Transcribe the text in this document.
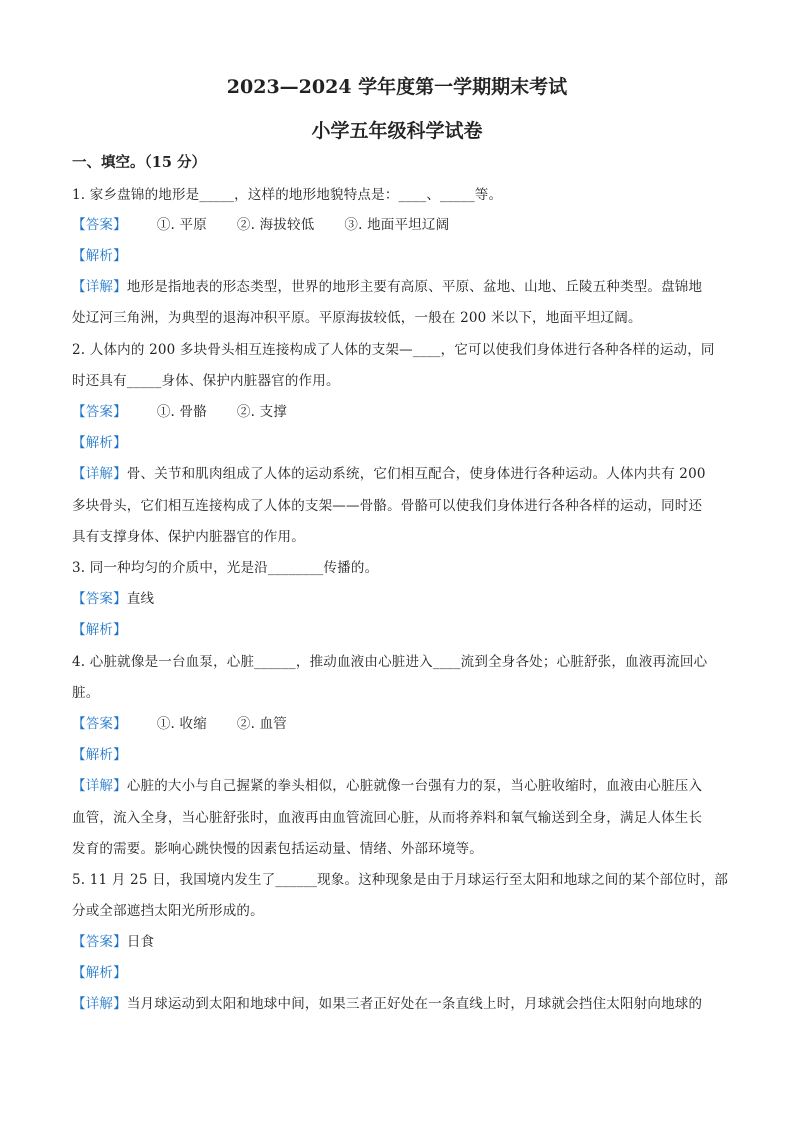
2023—2024 学年度第一学期期末考试
小学五年级科学试卷
一、填空。（15 分）
1. 家乡盘锦的地形是_____，这样的地形地貌特点是：____、_____等。
【答案】 ①. 平原 ②. 海拔较低 ③. 地面平坦辽阔
【解析】
【详解】地形是指地表的形态类型，世界的地形主要有高原、平原、盆地、山地、丘陵五种类型。盘锦地
处辽河三角洲，为典型的退海冲积平原。平原海拔较低，一般在 200 米以下，地面平坦辽阔。
2. 人体内的 200 多块骨头相互连接构成了人体的支架—____，它可以使我们身体进行各种各样的运动，同
时还具有_____身体、保护内脏器官的作用。
【答案】 ①. 骨骼 ②. 支撑
【解析】
【详解】骨、关节和肌肉组成了人体的运动系统，它们相互配合，使身体进行各种运动。人体内共有 200
多块骨头，它们相互连接构成了人体的支架——骨骼。骨骼可以使我们身体进行各种各样的运动，同时还
具有支撑身体、保护内脏器官的作用。
3. 同一种均匀的介质中，光是沿________传播的。
【答案】直线
【解析】
4. 心脏就像是一台血泵，心脏______，推动血液由心脏进入____流到全身各处；心脏舒张，血液再流回心
脏。
【答案】 ①. 收缩 ②. 血管
【解析】
【详解】心脏的大小与自己握紧的拳头相似，心脏就像一台强有力的泵，当心脏收缩时，血液由心脏压入
血管，流入全身，当心脏舒张时，血液再由血管流回心脏，从而将养料和氧气输送到全身，满足人体生长
发育的需要。影响心跳快慢的因素包括运动量、情绪、外部环境等。
5. 11 月 25 日，我国境内发生了______现象。这种现象是由于月球运行至太阳和地球之间的某个部位时，部
分或全部遮挡太阳光所形成的。
【答案】日食
【解析】
【详解】当月球运动到太阳和地球中间，如果三者正好处在一条直线上时，月球就会挡住太阳射向地球的
